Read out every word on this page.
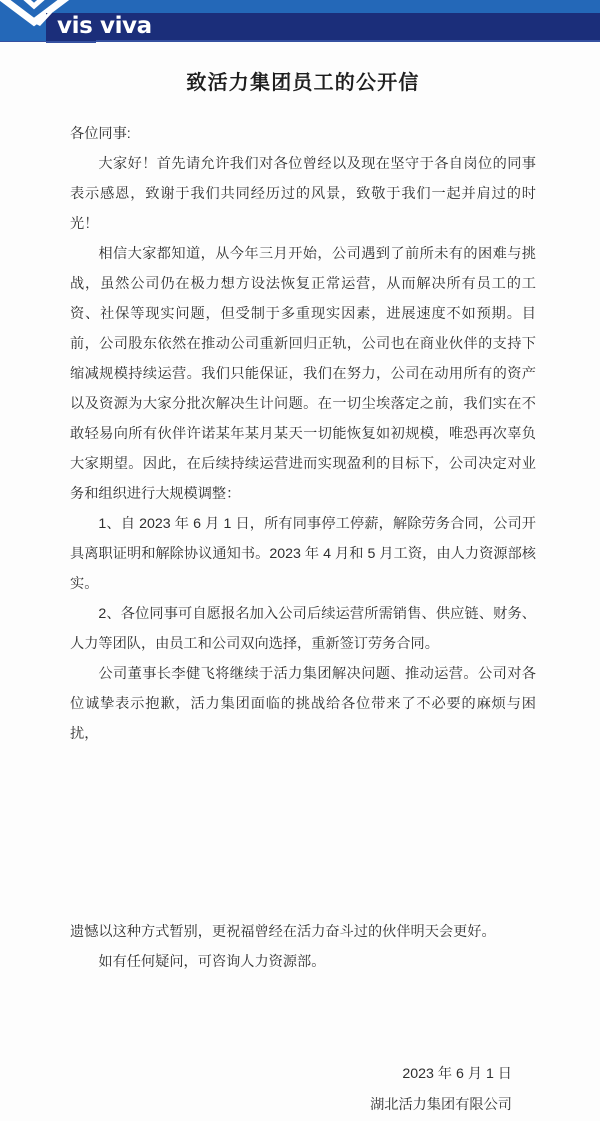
vis viva
致活力集团员工的公开信

各位同事:

大家好！首先请允许我们对各位曾经以及现在坚守于各自岗位的同事表示感恩，致谢于我们共同经历过的风景，致敬于我们一起并肩过的时光！

相信大家都知道，从今年三月开始，公司遇到了前所未有的困难与挑战，虽然公司仍在极力想方设法恢复正常运营，从而解决所有员工的工资、社保等现实问题，但受制于多重现实因素，进展速度不如预期。目前，公司股东依然在推动公司重新回归正轨，公司也在商业伙伴的支持下缩减规模持续运营。我们只能保证，我们在努力，公司在动用所有的资产以及资源为大家分批次解决生计问题。在一切尘埃落定之前，我们实在不敢轻易向所有伙伴许诺某年某月某天一切能恢复如初规模，唯恐再次辜负大家期望。因此，在后续持续运营进而实现盈利的目标下，公司决定对业务和组织进行大规模调整：

1、自 2023 年 6 月 1 日，所有同事停工停薪，解除劳务合同，公司开具离职证明和解除协议通知书。2023 年 4 月和 5 月工资，由人力资源部核实。

2、各位同事可自愿报名加入公司后续运营所需销售、供应链、财务、人力等团队，由员工和公司双向选择，重新签订劳务合同。

公司董事长李健飞将继续于活力集团解决问题、推动运营。公司对各位诚挚表示抱歉，活力集团面临的挑战给各位带来了不必要的麻烦与困扰，

遗憾以这种方式暂别，更祝福曾经在活力奋斗过的伙伴明天会更好。

如有任何疑问，可咨询人力资源部。

2023 年 6 月 1 日
湖北活力集团有限公司
